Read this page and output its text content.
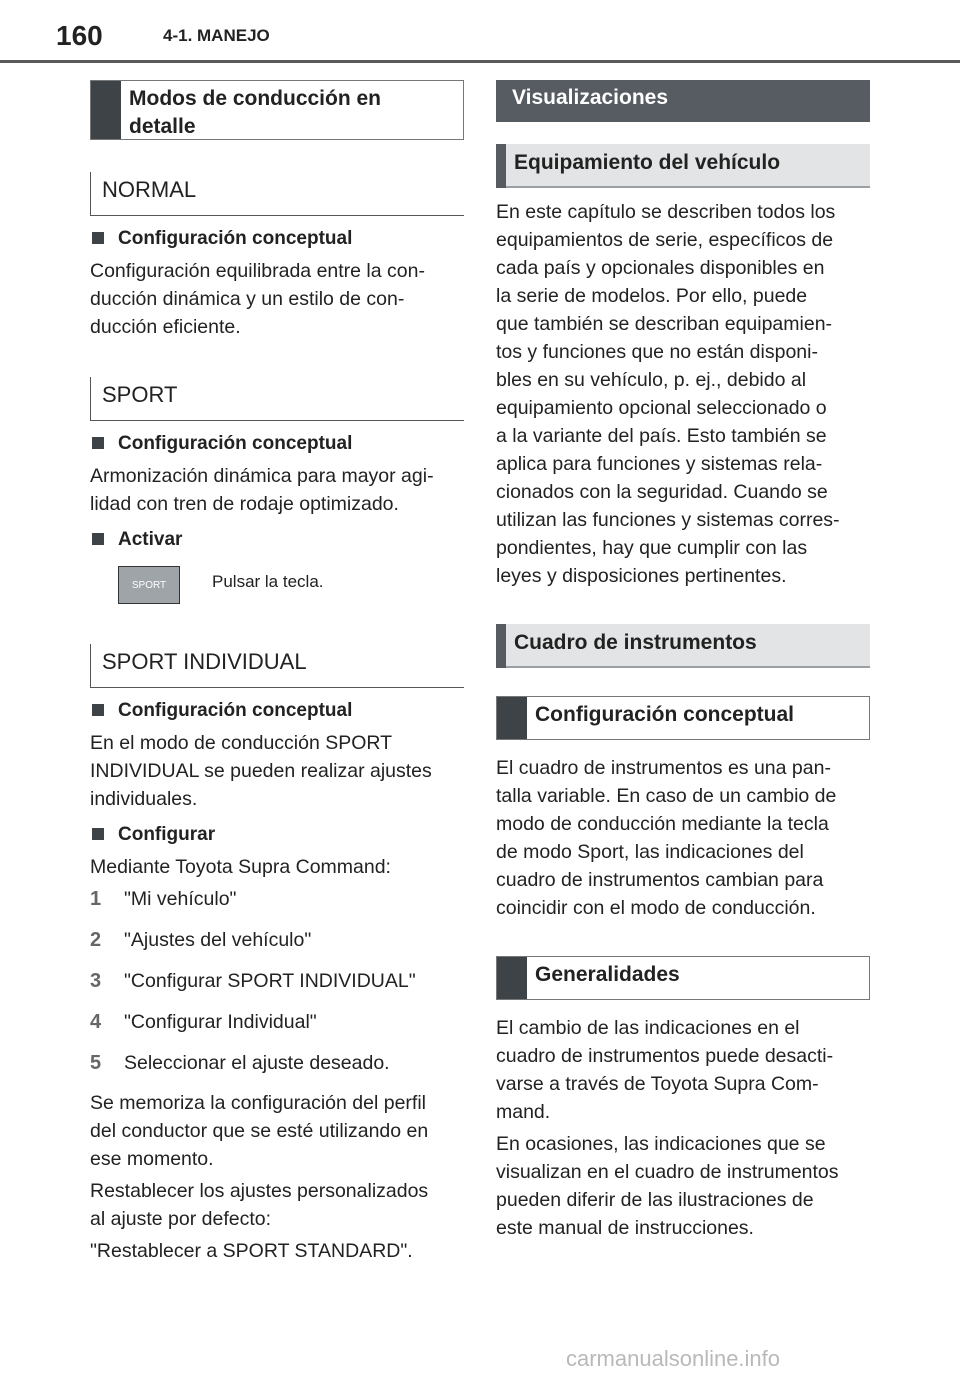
160	4-1. MANEJO
Modos de conducción en detalle
NORMAL
Configuración conceptual

Configuración equilibrada entre la con-
ducción dinámica y un estilo de con-
ducción eficiente.

SPORT
Configuración conceptual

Armonización dinámica para mayor agi-
lidad con tren de rodaje optimizado.

Activar
SPORT	Pulsar la tecla.
SPORT INDIVIDUAL
Configuración conceptual

En el modo de conducción SPORT
INDIVIDUAL se pueden realizar ajustes
individuales.

Configurar

Mediante Toyota Supra Command:

1	"Mi vehículo"
2	"Ajustes del vehículo"
3	"Configurar SPORT INDIVIDUAL"
4	"Configurar Individual"
5	Seleccionar el ajuste deseado.

Se memoriza la configuración del perfil
del conductor que se esté utilizando en
ese momento.

Restablecer los ajustes personalizados
al ajuste por defecto:

"Restablecer a SPORT STANDARD".

Visualizaciones
Equipamiento del vehículo

En este capítulo se describen todos los
equipamientos de serie, específicos de
cada país y opcionales disponibles en
la serie de modelos. Por ello, puede
que también se describan equipamien-
tos y funciones que no están disponi-
bles en su vehículo, p. ej., debido al
equipamiento opcional seleccionado o
a la variante del país. Esto también se
aplica para funciones y sistemas rela-
cionados con la seguridad. Cuando se
utilizan las funciones y sistemas corres-
pondientes, hay que cumplir con las
leyes y disposiciones pertinentes.

Cuadro de instrumentos
Configuración conceptual

El cuadro de instrumentos es una pan-
talla variable. En caso de un cambio de
modo de conducción mediante la tecla
de modo Sport, las indicaciones del
cuadro de instrumentos cambian para
coincidir con el modo de conducción.

Generalidades

El cambio de las indicaciones en el
cuadro de instrumentos puede desacti-
varse a través de Toyota Supra Com-
mand.

En ocasiones, las indicaciones que se
visualizan en el cuadro de instrumentos
pueden diferir de las ilustraciones de
este manual de instrucciones.

carmanualsonline.info
